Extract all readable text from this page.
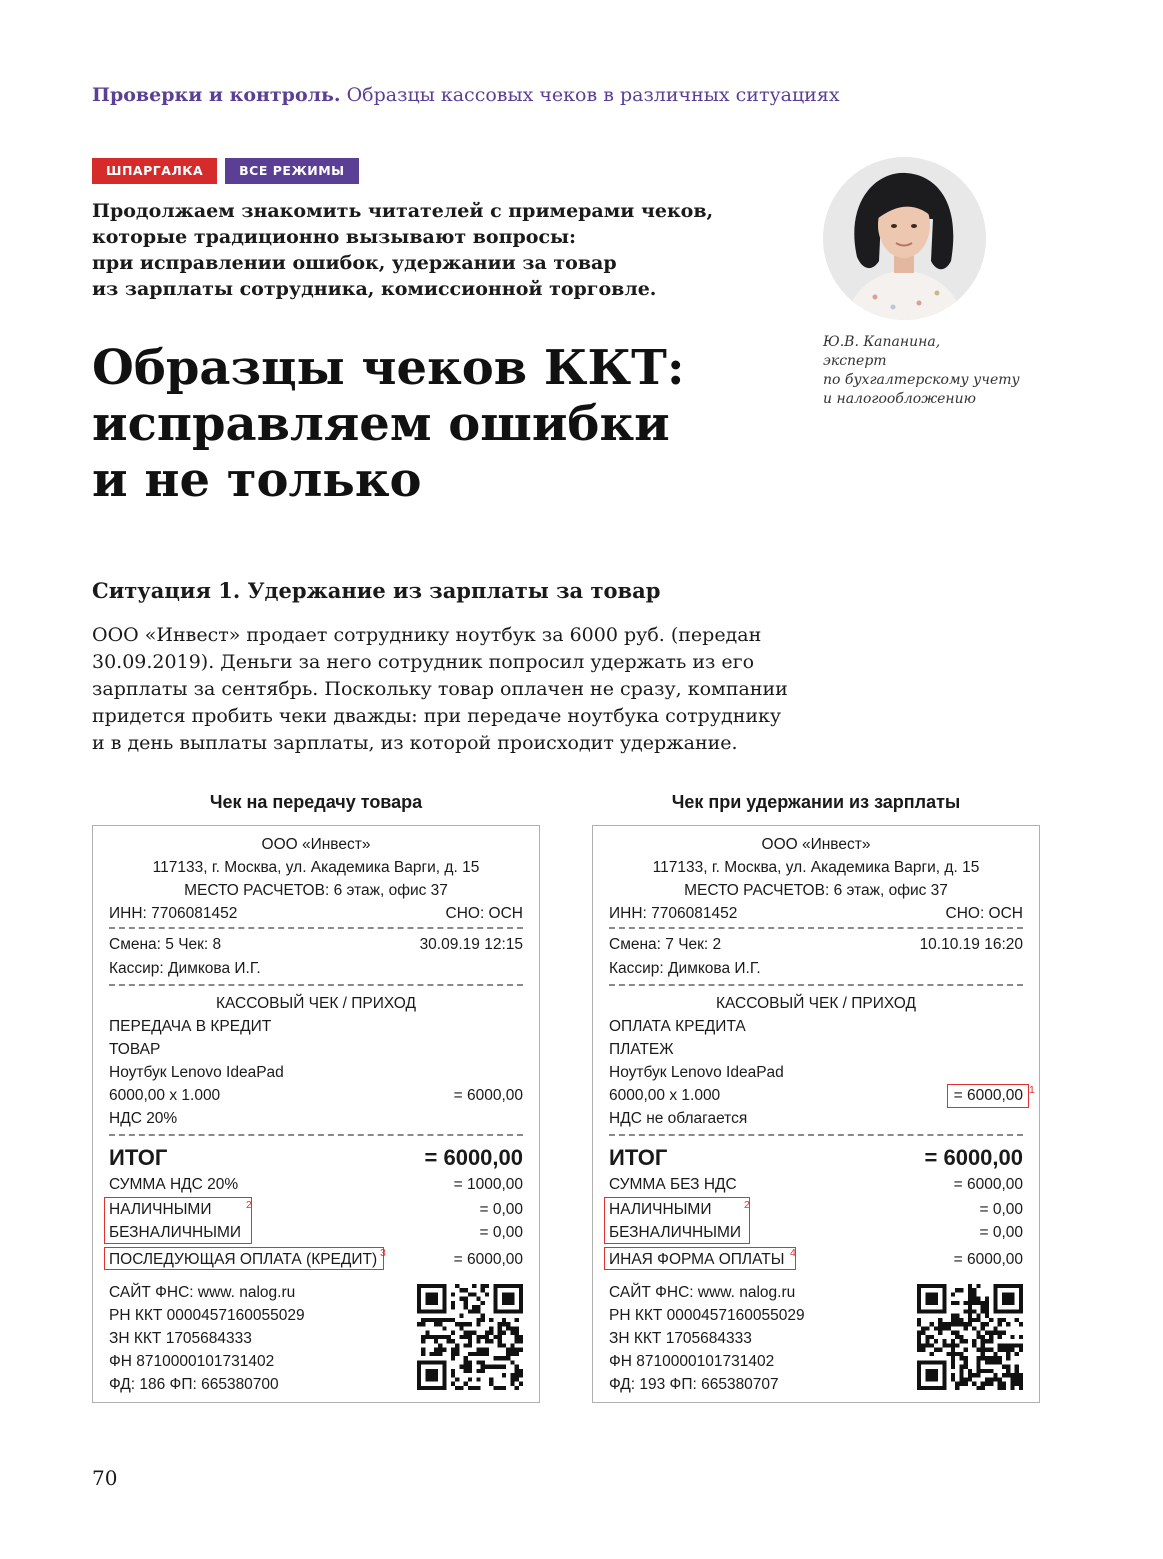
Проверки и контроль. Образцы кассовых чеков в различных ситуациях
ШПАРГАЛКА	ВСЕ РЕЖИМЫ
Продолжаем знакомить читателей с примерами чеков,
которые традиционно вызывают вопросы:
при исправлении ошибок, удержании за товар
из зарплаты сотрудника, комиссионной торговле.
Ю.В. Капанина,
эксперт
по бухгалтерскому учету
и налогообложению
Образцы чеков ККТ:
исправляем ошибки
и не только
Ситуация 1. Удержание из зарплаты за товар
ООО «Инвест» продает сотруднику ноутбук за 6000 руб. (передан
30.09.2019). Деньги за него сотрудник попросил удержать из его
зарплаты за сентябрь. Поскольку товар оплачен не сразу, компании
придется пробить чеки дважды: при передаче ноутбука сотруднику
и в день выплаты зарплаты, из которой происходит удержание.
Чек на передачу товара
ООО «Инвест»
117133, г. Москва, ул. Академика Варги, д. 15
МЕСТО РАСЧЕТОВ: 6 этаж, офис 37
ИНН: 7706081452	СНО: ОСН
Смена: 5 Чек: 8	30.09.19 12:15
Кассир: Димкова И.Г.
КАССОВЫЙ ЧЕК / ПРИХОД
ПЕРЕДАЧА В КРЕДИТ
ТОВАР
Ноутбук Lenovo IdeaPad
6000,00 х 1.000	= 6000,00
НДС 20%
ИТОГ	= 6000,00
СУММА НДС 20%	= 1000,00
НАЛИЧНЫМИ	= 0,00
БЕЗНАЛИЧНЫМИ	= 0,00
ПОСЛЕДУЮЩАЯ ОПЛАТА (КРЕДИТ)	= 6000,00
2
3
САЙТ ФНС: www. nalog.ru
РН ККТ 0000457160055029
ЗН ККТ 1705684333
ФН 8710000101731402
ФД: 186 ФП: 665380700
Чек при удержании из зарплаты
ООО «Инвест»
117133, г. Москва, ул. Академика Варги, д. 15
МЕСТО РАСЧЕТОВ: 6 этаж, офис 37
ИНН: 7706081452	СНО: ОСН
Смена: 7 Чек: 2	10.10.19 16:20
Кассир: Димкова И.Г.
КАССОВЫЙ ЧЕК / ПРИХОД
ОПЛАТА КРЕДИТА
ПЛАТЕЖ
Ноутбук Lenovo IdeaPad
6000,00 х 1.000	= 6000,00 1
НДС не облагается
ИТОГ	= 6000,00
СУММА БЕЗ НДС	= 6000,00
НАЛИЧНЫМИ	= 0,00
БЕЗНАЛИЧНЫМИ	= 0,00
ИНАЯ ФОРМА ОПЛАТЫ	= 6000,00
2
4
САЙТ ФНС: www. nalog.ru
РН ККТ 0000457160055029
ЗН ККТ 1705684333
ФН 8710000101731402
ФД: 193 ФП: 665380707
70
